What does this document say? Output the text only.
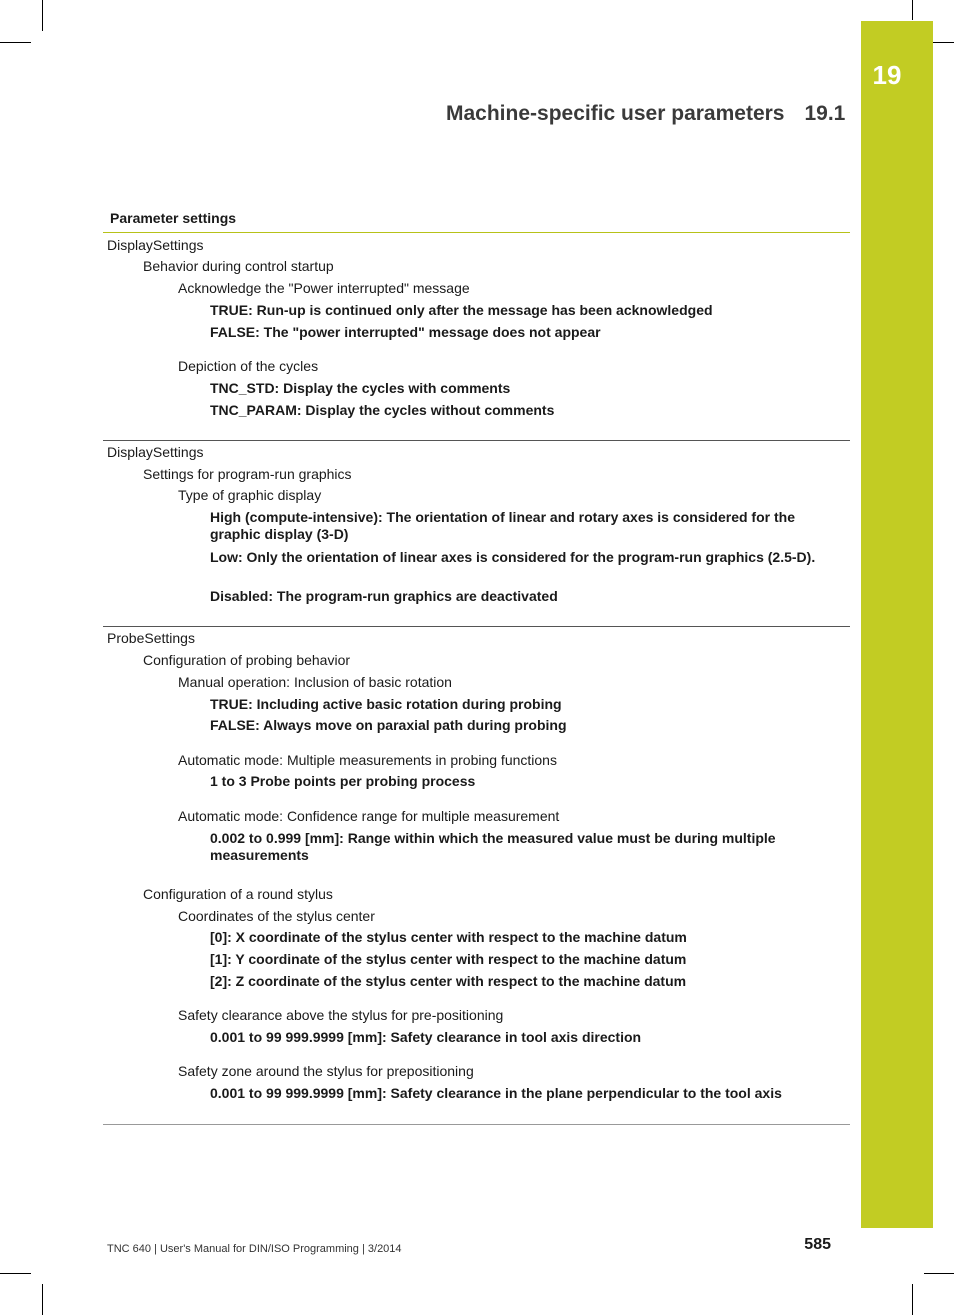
19
Machine-specific user parameters 19.1
Parameter settings
DisplaySettings
Behavior during control startup
Acknowledge the "Power interrupted" message
TRUE: Run-up is continued only after the message has been acknowledged
FALSE: The "power interrupted" message does not appear
Depiction of the cycles
TNC_STD: Display the cycles with comments
TNC_PARAM: Display the cycles without comments
DisplaySettings
Settings for program-run graphics
Type of graphic display
High (compute-intensive): The orientation of linear and rotary axes is considered for the graphic display (3-D)
Low: Only the orientation of linear axes is considered for the program-run graphics (2.5-D).
Disabled: The program-run graphics are deactivated
ProbeSettings
Configuration of probing behavior
Manual operation: Inclusion of basic rotation
TRUE: Including active basic rotation during probing
FALSE: Always move on paraxial path during probing
Automatic mode: Multiple measurements in probing functions
1 to 3 Probe points per probing process
Automatic mode: Confidence range for multiple measurement
0.002 to 0.999 [mm]: Range within which the measured value must be during multiple measurements
Configuration of a round stylus
Coordinates of the stylus center
[0]: X coordinate of the stylus center with respect to the machine datum
[1]: Y coordinate of the stylus center with respect to the machine datum
[2]: Z coordinate of the stylus center with respect to the machine datum
Safety clearance above the stylus for pre-positioning
0.001 to 99 999.9999 [mm]: Safety clearance in tool axis direction
Safety zone around the stylus for prepositioning
0.001 to 99 999.9999 [mm]: Safety clearance in the plane perpendicular to the tool axis
TNC 640 | User's Manual for DIN/ISO Programming | 3/2014	585
